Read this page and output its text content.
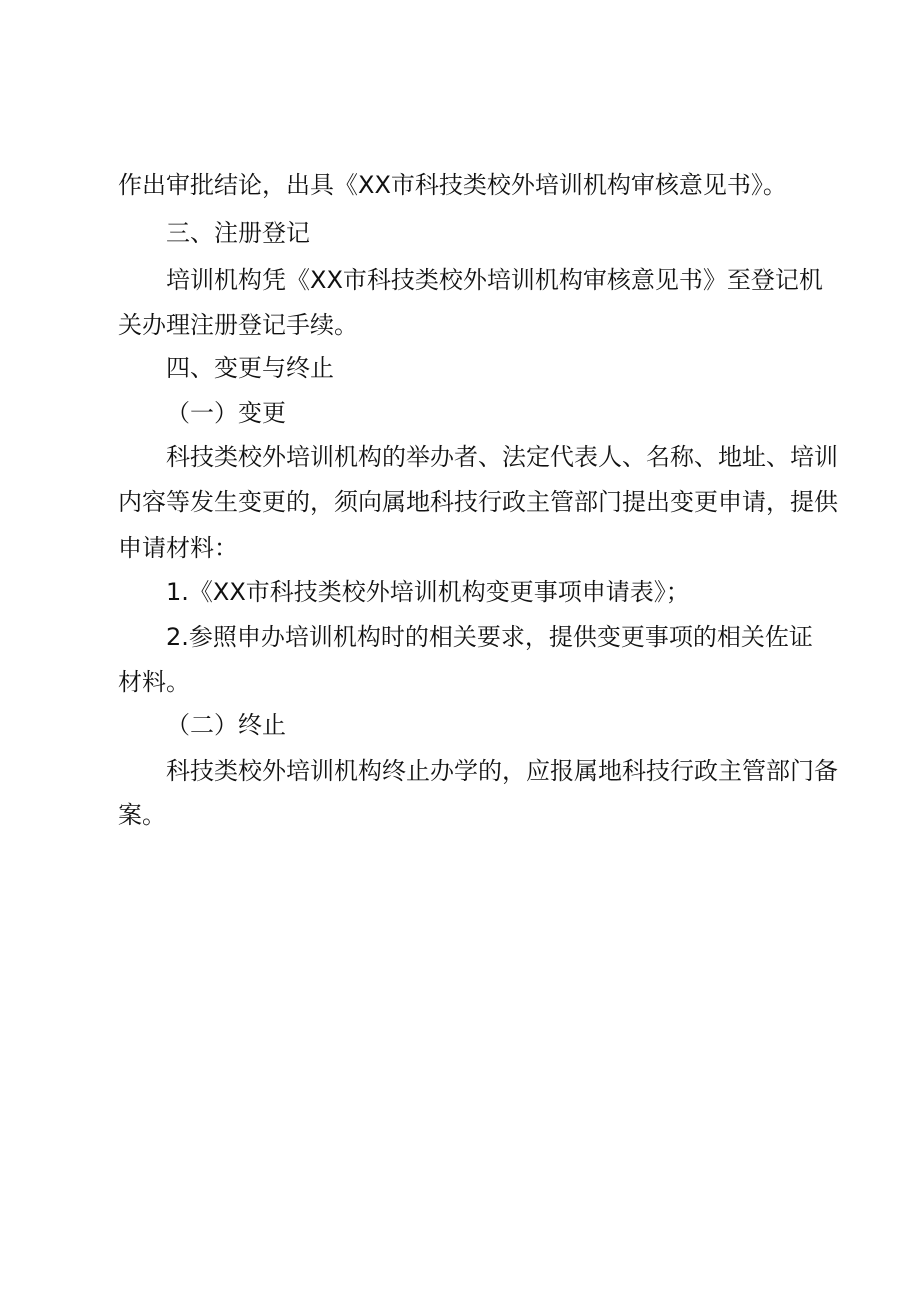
作出审批结论，出具《XX市科技类校外培训机构审核意见书》。
三、注册登记
培训机构凭《XX市科技类校外培训机构审核意见书》至登记机
关办理注册登记手续。
四、变更与终止
（一）变更
科技类校外培训机构的举办者、法定代表人、名称、地址、培训
内容等发生变更的，须向属地科技行政主管部门提出变更申请，提供
申请材料：
1.《XX市科技类校外培训机构变更事项申请表》；
2.参照申办培训机构时的相关要求，提供变更事项的相关佐证
材料。
（二）终止
科技类校外培训机构终止办学的，应报属地科技行政主管部门备
案。
